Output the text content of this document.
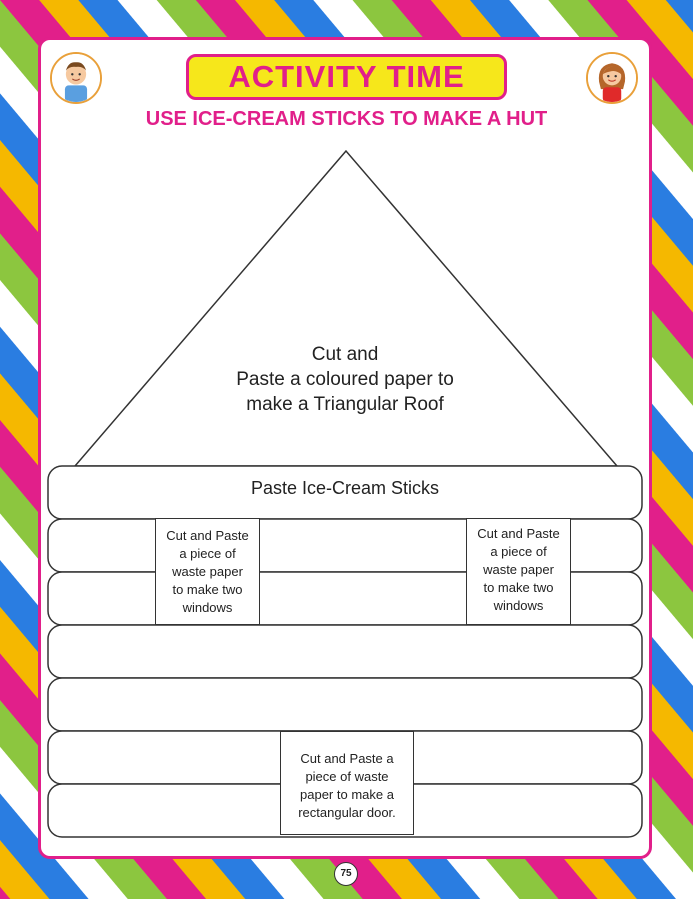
ACTIVITY TIME
USE ICE-CREAM STICKS TO MAKE A HUT
Cut and
Paste a coloured paper to
make a Triangular Roof
Paste Ice-Cream Sticks
Cut and Paste
a piece of
waste paper
to make two
windows
Cut and Paste
a piece of
waste paper
to make two
windows
Cut and Paste a
piece of waste
paper to make a
rectangular door.
75
